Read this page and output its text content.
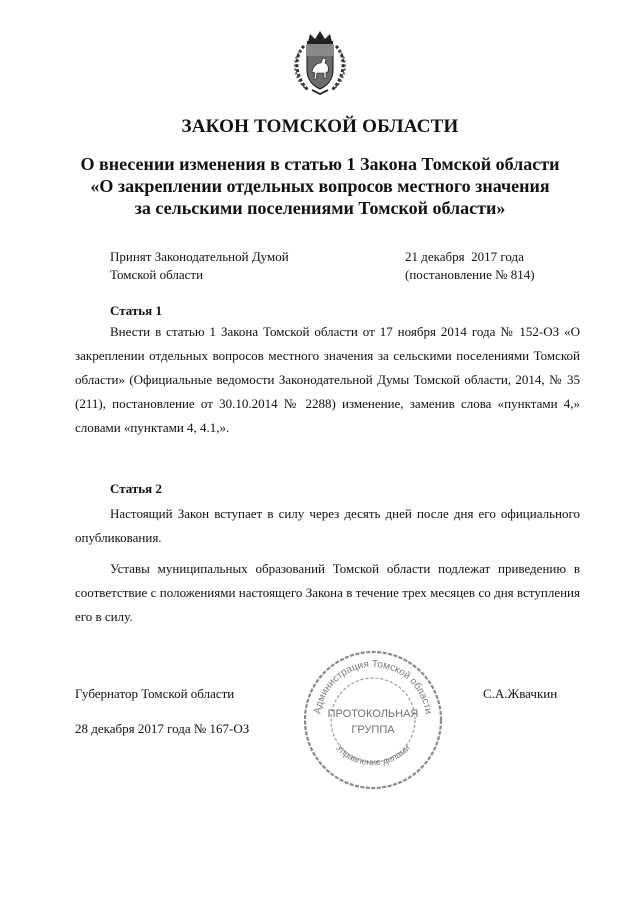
ЗАКОН ТОМСКОЙ ОБЛАСТИ
О внесении изменения в статью 1 Закона Томской области
«О закреплении отдельных вопросов местного значения
за сельскими поселениями Томской области»
Принят Законодательной Думой
Томской области
21 декабря  2017 года
(постановление № 814)
Статья 1
Внести в статью 1 Закона Томской области от 17 ноября 2014 года № 152-ОЗ «О закреплении отдельных вопросов местного значения за сельскими поселениями Томской области» (Официальные ведомости Законодательной Думы Томской области, 2014, № 35 (211), постановление от 30.10.2014 № 2288) изменение, заменив слова «пунктами 4,» словами «пунктами 4, 4.1,».
Статья 2
Настоящий Закон вступает в силу через десять дней после дня его официального опубликования.
Уставы муниципальных образований Томской области подлежат приведению в соответствие с положениями настоящего Закона в течение трех месяцев со дня вступления его в силу.
Губернатор Томской области	С.А.Жвачкин
28 декабря 2017 года № 167-ОЗ
Администрация Томской области
Управление делами
ПРОТОКОЛЬНАЯ
ГРУППА
